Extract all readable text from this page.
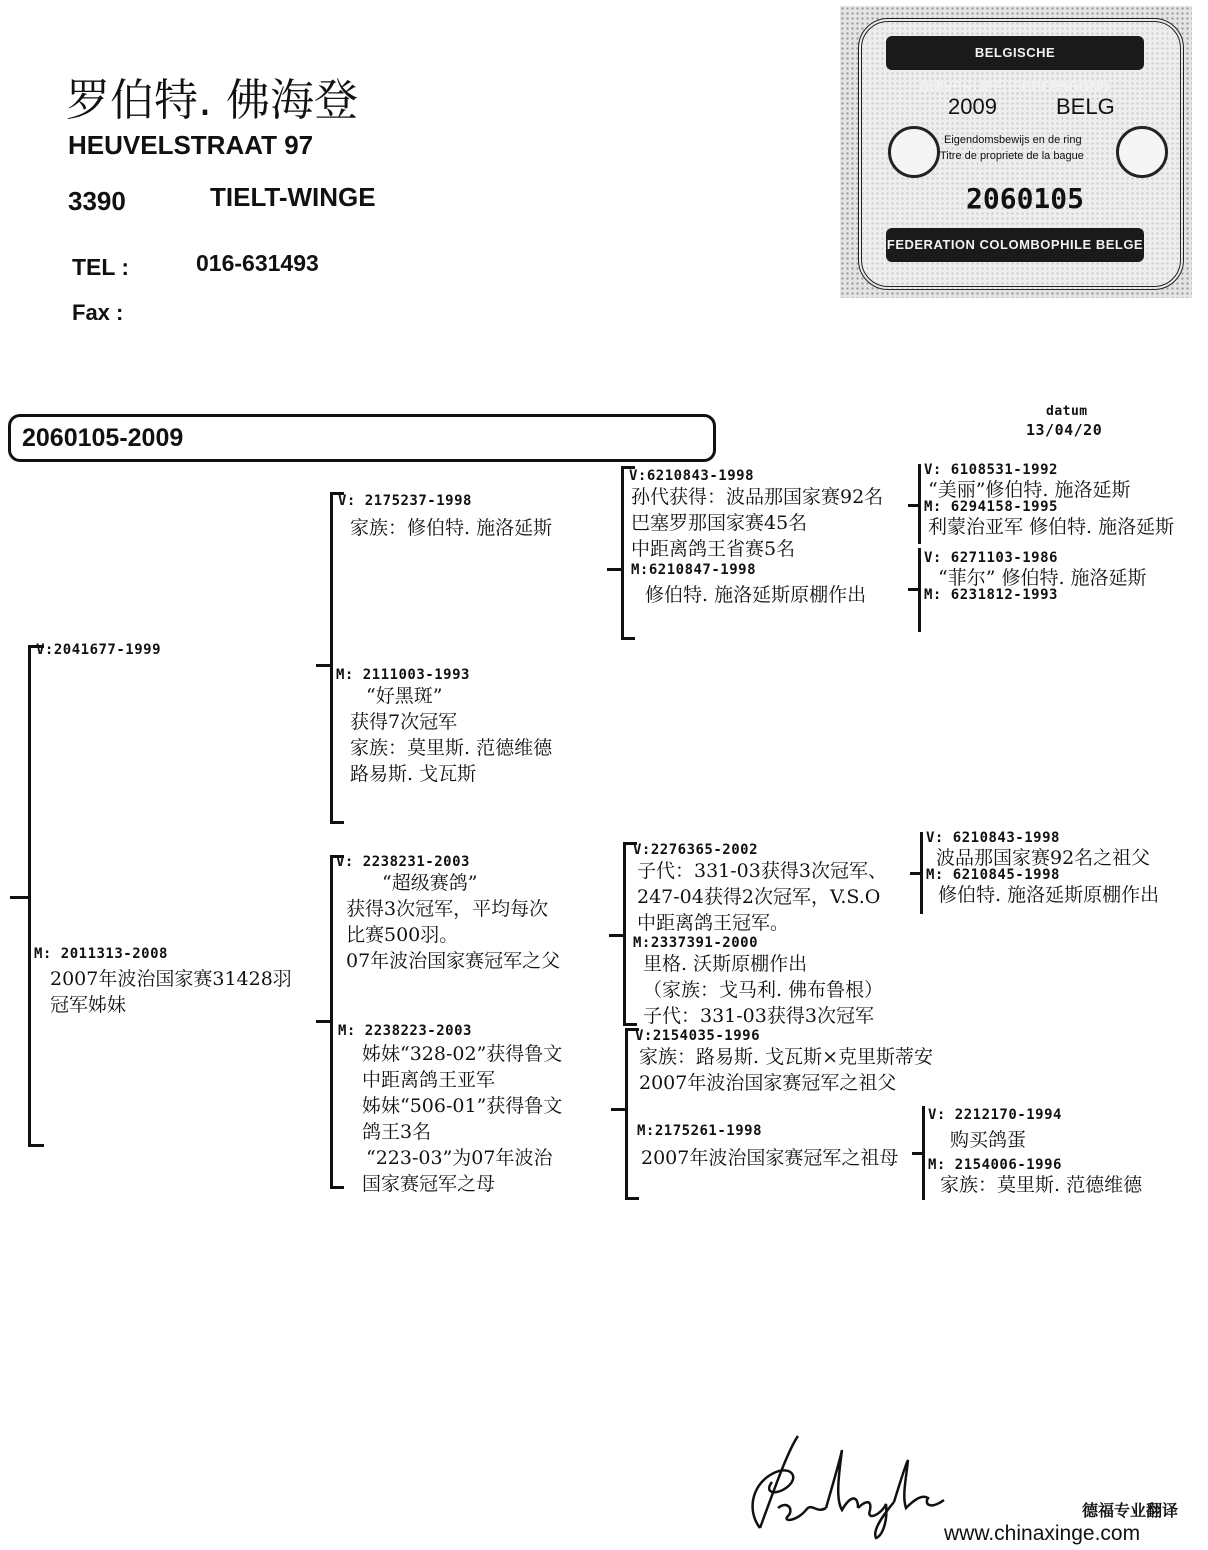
罗伯特. 佛海登
HEUVELSTRAAT 97
3390	TIELT-WINGE
TEL :	016-631493
Fax :
BELGISCHE DUIVENLIEFHEBBERSBOND
2009	BELG
Eigendomsbewijs en de ring
Titre de propriete de la bague
2060105
FEDERATION COLOMBOPHILE BELGE
2060105-2009
datum
13/04/20
V:2041677-1999
M: 2011313-2008
2007年波治国家赛31428羽
冠军姊妹
V: 2175237-1998
家族：修伯特. 施洛延斯
M: 2111003-1993
“好黑斑”
获得7次冠军
家族：莫里斯. 范德维德
路易斯. 戈瓦斯
V: 2238231-2003
“超级赛鸽”
获得3次冠军，平均每次
比赛500羽。
07年波治国家赛冠军之父
M: 2238223-2003
姊妹“328-02”获得鲁文
中距离鸽王亚军
姊妹“506-01”获得鲁文
鸽王3名
“223-03”为07年波治
国家赛冠军之母
V:6210843-1998
孙代获得：波品那国家赛92名
巴塞罗那国家赛45名
中距离鸽王省赛5名
M:6210847-1998
修伯特. 施洛延斯原棚作出
V:2276365-2002
子代：331-03获得3次冠军、
247-04获得2次冠军，V.S.O
中距离鸽王冠军。
M:2337391-2000
里格. 沃斯原棚作出
（家族：戈马利. 佛布鲁根）
子代：331-03获得3次冠军
V:2154035-1996
家族：路易斯. 戈瓦斯×克里斯蒂安
2007年波治国家赛冠军之祖父
M:2175261-1998
2007年波治国家赛冠军之祖母
V: 6108531-1992
“美丽”修伯特. 施洛延斯
M: 6294158-1995
利蒙治亚军 修伯特. 施洛延斯
V: 6271103-1986
“菲尔” 修伯特. 施洛延斯
M: 6231812-1993
V: 6210843-1998
波品那国家赛92名之祖父
M: 6210845-1998
修伯特. 施洛延斯原棚作出
V: 2212170-1994
购买鸽蛋
M: 2154006-1996
家族：莫里斯. 范德维德
德福专业翻译
www.chinaxinge.com
